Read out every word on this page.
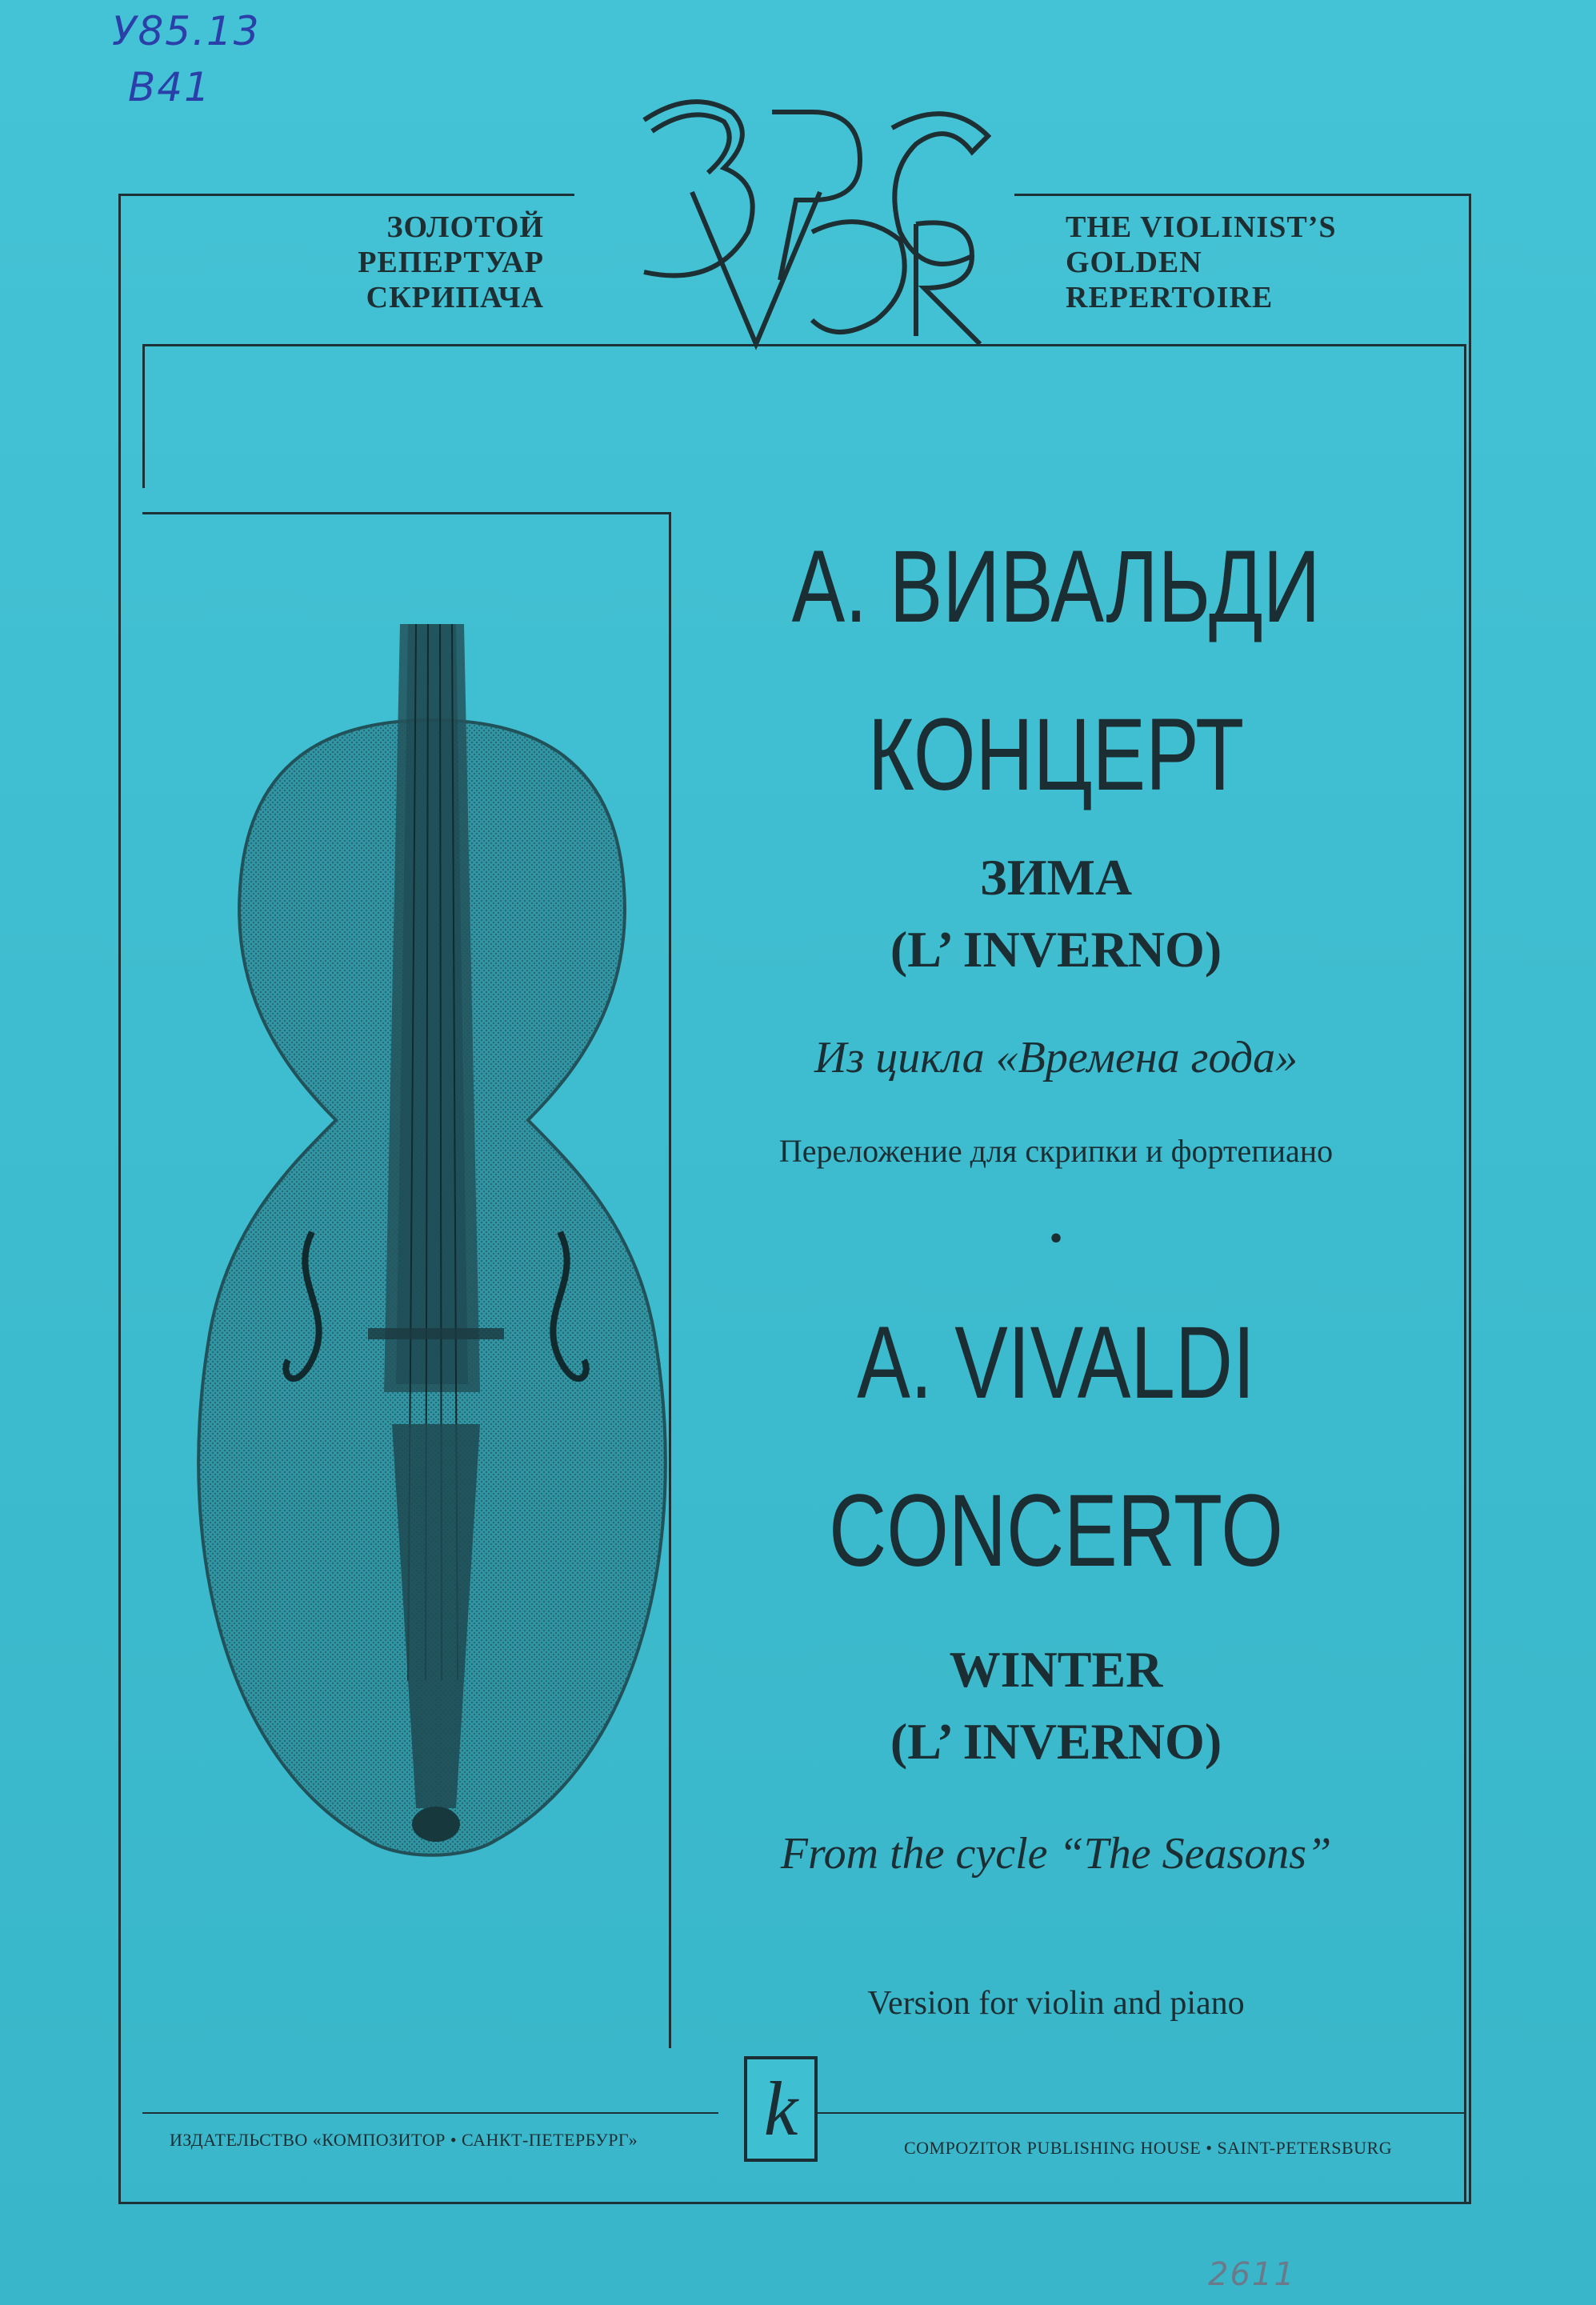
У85.13
В41
2611
ЗРС VGR
ЗОЛОТОЙ
РЕПЕРТУАР
СКРИПАЧА
THE VIOLINIST’S
GOLDEN
REPERTOIRE
А. ВИВАЛЬДИ
КОНЦЕРТ
ЗИМА
(L’ INVERNO)
Из цикла «Времена года»
Переложение для скрипки и фортепиано
•
A. VIVALDI
CONCERTO
WINTER
(L’ INVERNO)
From the cycle “The Seasons”
Version for violin and piano
k
ИЗДАТЕЛЬСТВО «КОМПОЗИТОР • САНКТ-ПЕТЕРБУРГ»	COMPOZITOR PUBLISHING HOUSE • SAINT-PETERSBURG
